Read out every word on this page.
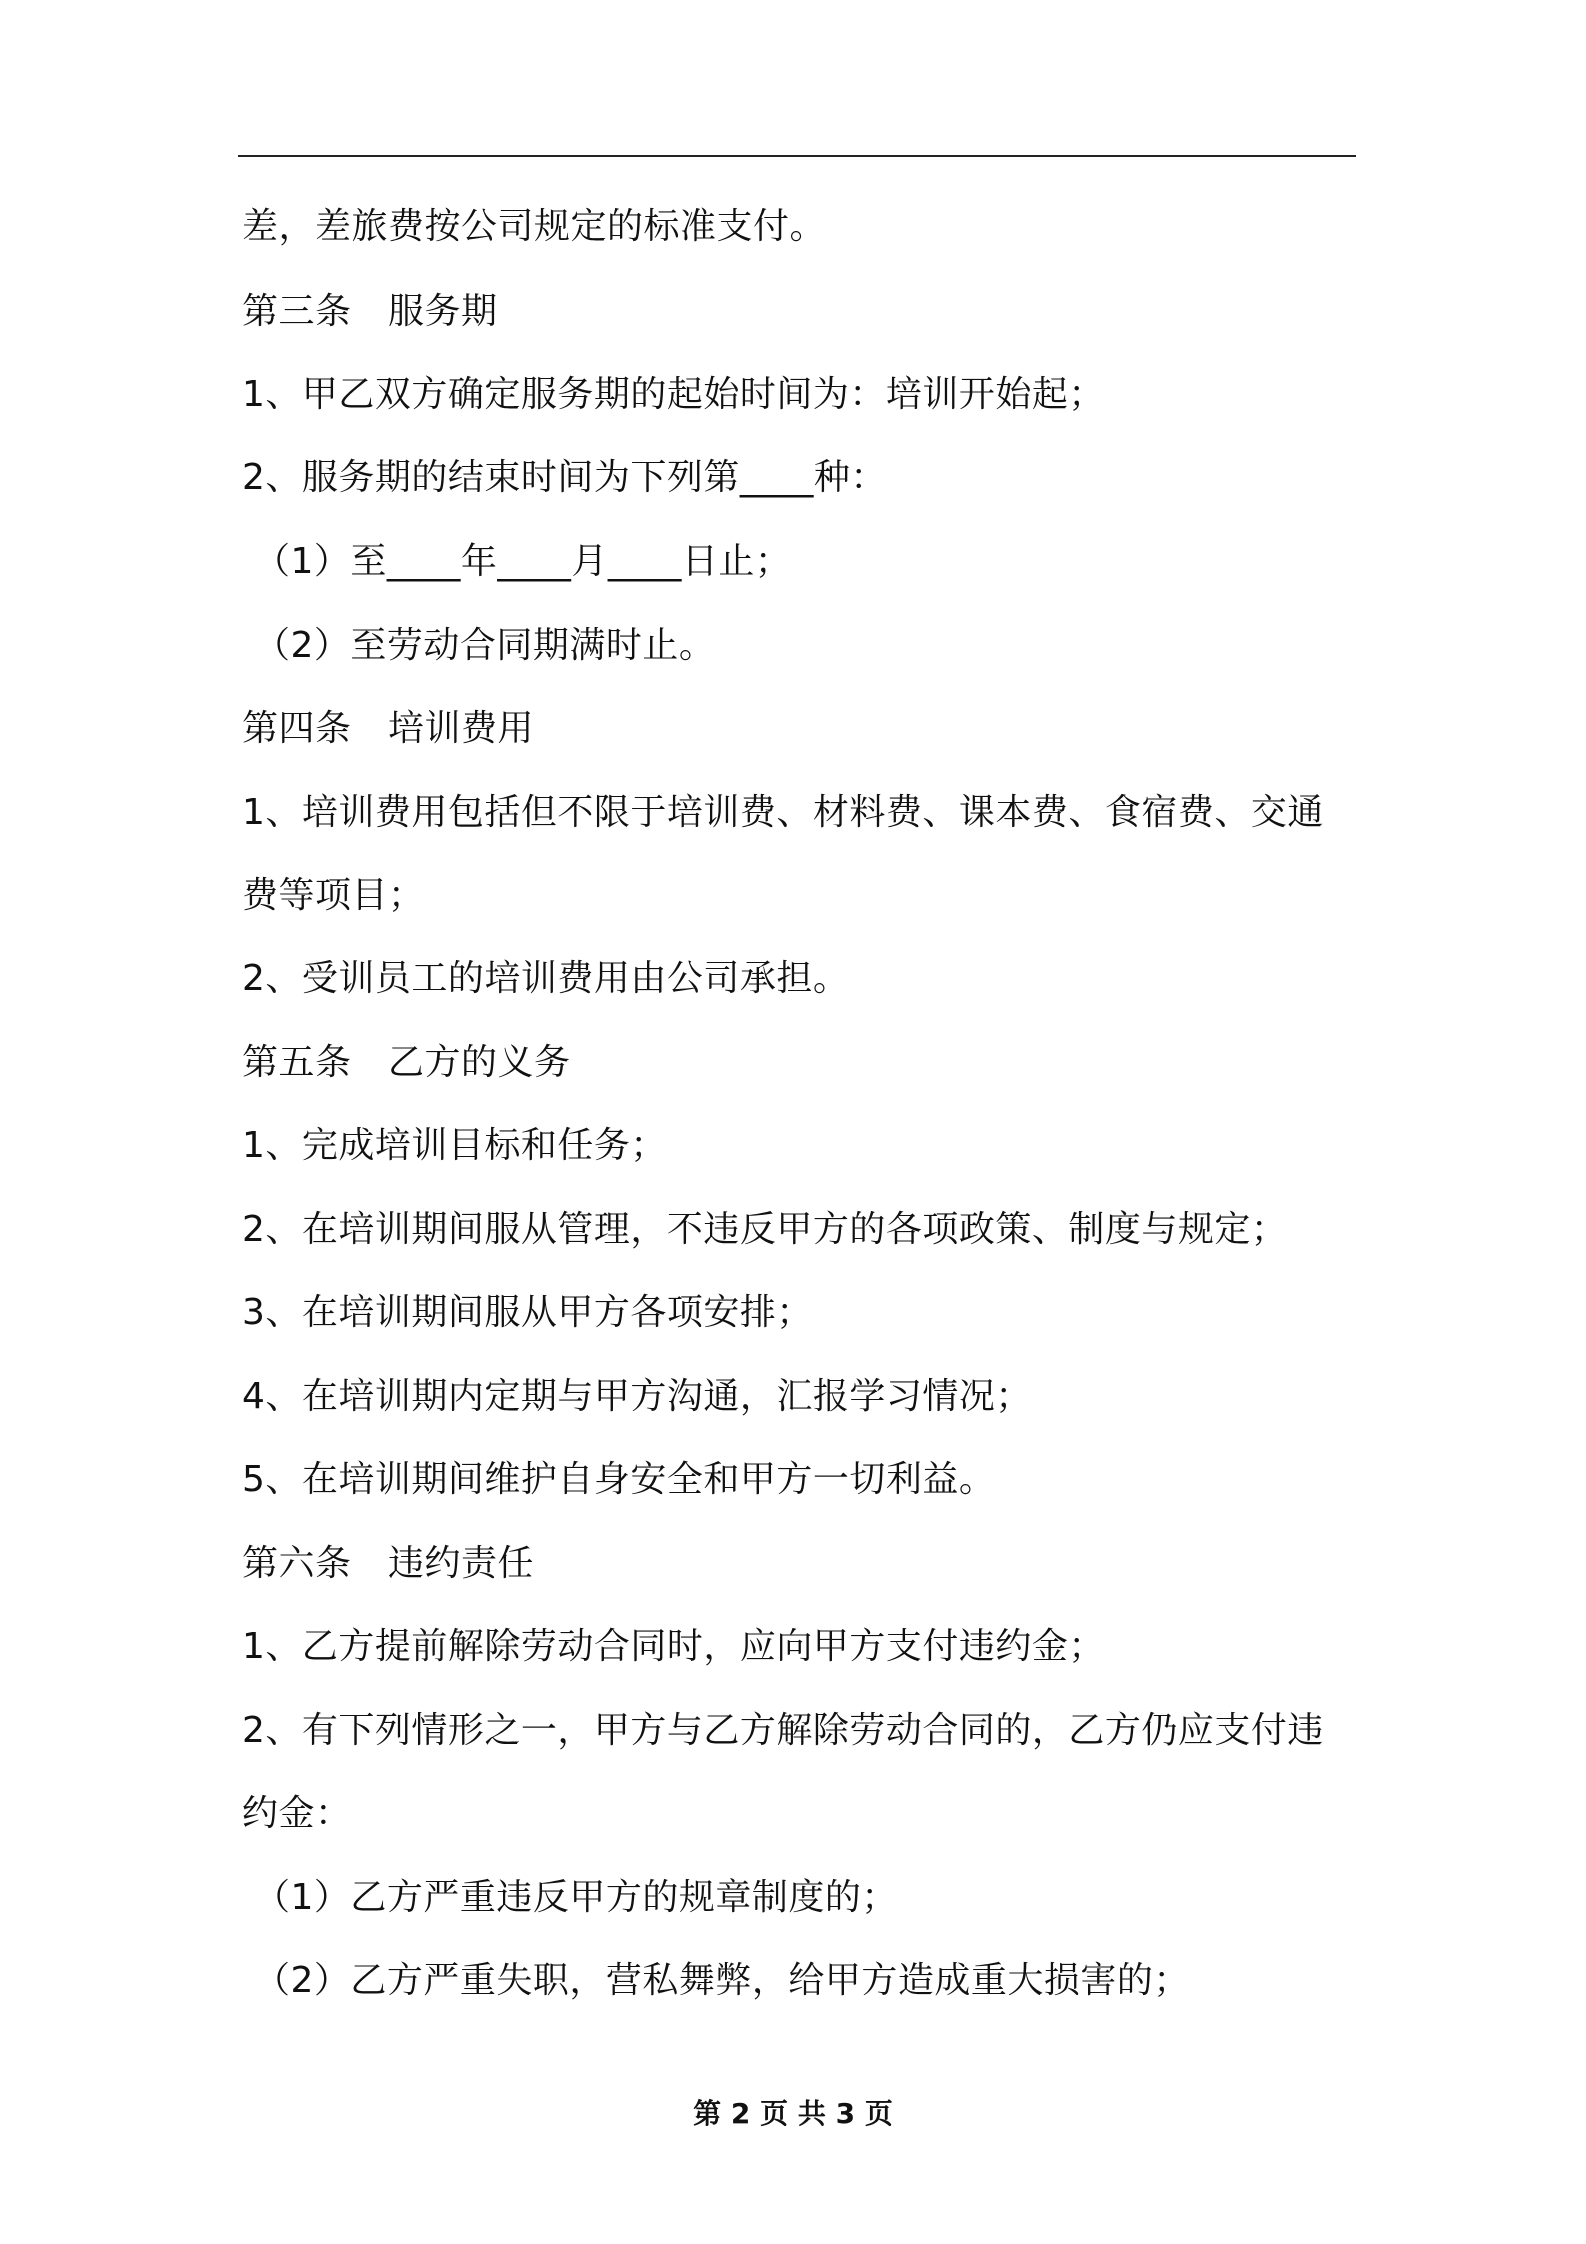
差，差旅费按公司规定的标准支付。
第三条　服务期
1、甲乙双方确定服务期的起始时间为：培训开始起；
2、服务期的结束时间为下列第____种：
（1）至____年____月____日止；
（2）至劳动合同期满时止。
第四条　培训费用
1、培训费用包括但不限于培训费、材料费、课本费、食宿费、交通
费等项目；
2、受训员工的培训费用由公司承担。
第五条　乙方的义务
1、完成培训目标和任务；
2、在培训期间服从管理，不违反甲方的各项政策、制度与规定；
3、在培训期间服从甲方各项安排；
4、在培训期内定期与甲方沟通，汇报学习情况；
5、在培训期间维护自身安全和甲方一切利益。
第六条　违约责任
1、乙方提前解除劳动合同时，应向甲方支付违约金；
2、有下列情形之一，甲方与乙方解除劳动合同的，乙方仍应支付违
约金：
（1）乙方严重违反甲方的规章制度的；
（2）乙方严重失职，营私舞弊，给甲方造成重大损害的；
第 2 页 共 3 页
